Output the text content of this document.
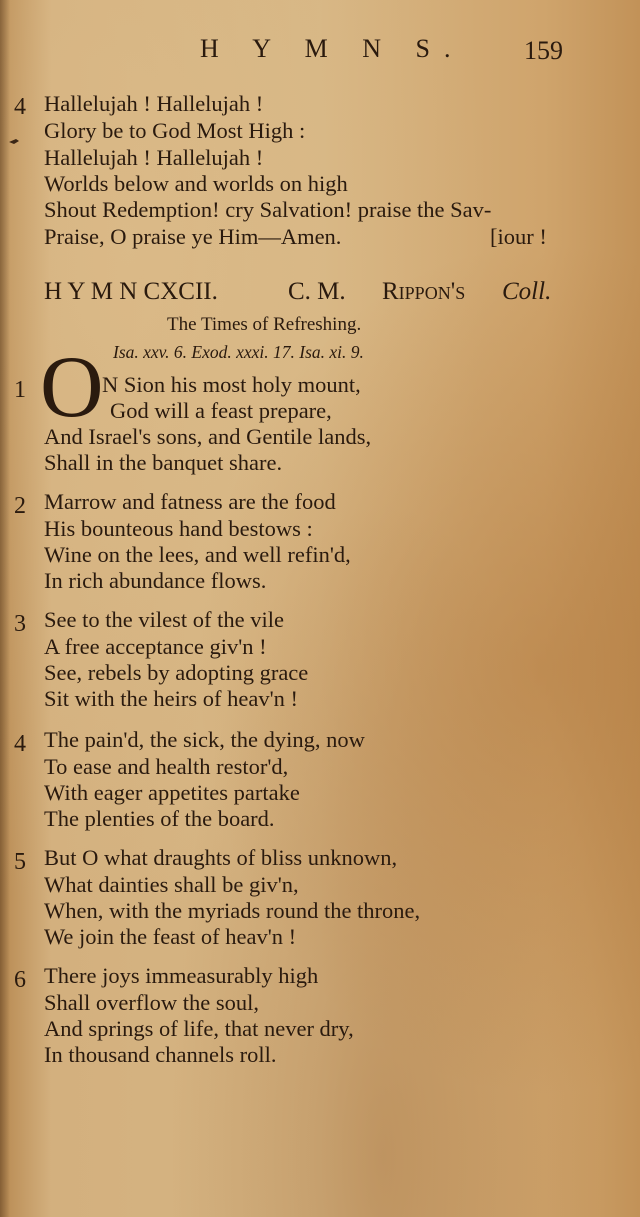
H Y M N S. 159
4 Hallelujah ! Hallelujah !
Glory be to God Most High :
Hallelujah ! Hallelujah !
Worlds below and worlds on high
Shout Redemption! cry Salvation! praise the Sav-
Praise, O praise ye Him—Amen.	[iour !
H Y M N CXCII.	C. M. Rippon's Coll.
The Times of Refreshing.
Isa. xxv. 6. Exod. xxxi. 17. Isa. xi. 9.
1 O
N Sion his most holy mount,
God will a feast prepare,
And Israel's sons, and Gentile lands,
Shall in the banquet share.
2 Marrow and fatness are the food
His bounteous hand bestows :
Wine on the lees, and well refin'd,
In rich abundance flows.
3 See to the vilest of the vile
A free acceptance giv'n !
See, rebels by adopting grace
Sit with the heirs of heav'n !
4 The pain'd, the sick, the dying, now
To ease and health restor'd,
With eager appetites partake
The plenties of the board.
5 But O what draughts of bliss unknown,
What dainties shall be giv'n,
When, with the myriads round the throne,
We join the feast of heav'n !
6 There joys immeasurably high
Shall overflow the soul,
And springs of life, that never dry,
In thousand channels roll.
